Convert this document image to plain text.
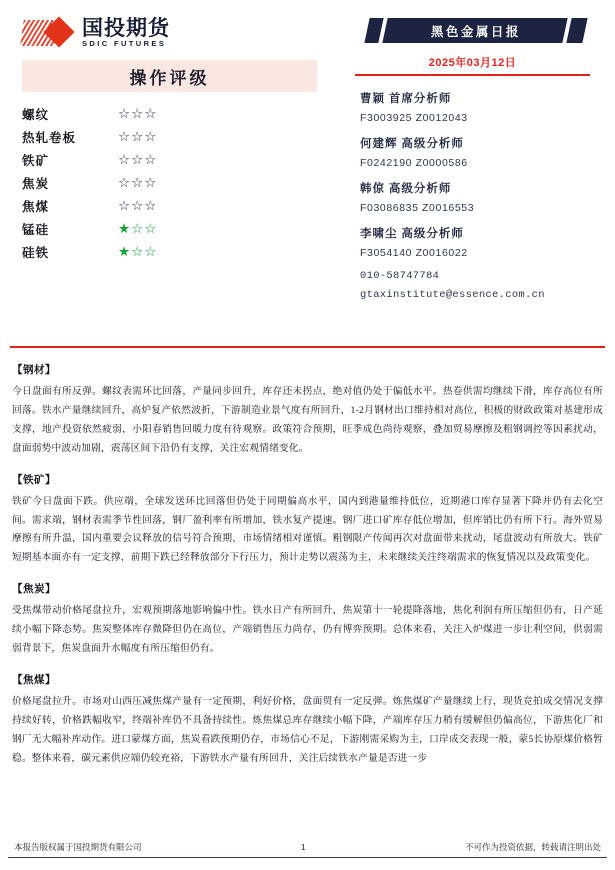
国投期货
SDIC FUTURES
操作评级
螺纹	☆☆☆
热轧卷板	☆☆☆
铁矿	☆☆☆
焦炭	☆☆☆
焦煤	☆☆☆
锰硅	★☆☆
硅铁	★☆☆
黑色金属日报
2025年03月12日
曹颖 首席分析师
F3003925 Z0012043
何建辉 高级分析师
F0242190 Z0000586
韩倞 高级分析师
F03086835 Z0016553
李啸尘 高级分析师
F3054140 Z0016022
010-58747784
gtaxinstitute@essence.com.cn
【钢材】
今日盘面有所反弹。螺纹表需环比回落，产量同步回升，库存还未拐点，绝对值仍处于偏低水平。热卷供需均继续下滑，库存高位有所回落。铁水产量继续回升，高炉复产依然波折，下游制造业景气度有所回升，1-2月钢材出口维持相对高位，积极的财政政策对基建形成支撑，地产投资依然疲弱，小阳春销售回暖力度有待观察。政策符合预期，旺季成色尚待观察，叠加贸易摩擦及粗钢调控等因素扰动，盘面弱势中波动加剧，震荡区间下沿仍有支撑，关注宏观情绪变化。
【铁矿】
铁矿今日盘面下跌。供应端，全球发送环比回落但仍处于同期偏高水平，国内到港量维持低位，近期港口库存显著下降并仍有去化空间。需求端，钢材表需季节性回落，钢厂盈利率有所增加，铁水复产提速。钢厂进口矿库存低位增加，但库销比仍有所下行。海外贸易摩擦有所升温，国内重要会议释放的信号符合预期，市场情绪相对谨慎。粗钢限产传闻再次对盘面带来扰动，尾盘波动有所放大。铁矿短期基本面亦有一定支撑，前期下跌已经释放部分下行压力，预计走势以震荡为主，未来继续关注终端需求的恢复情况以及政策变化。
【焦炭】
受焦煤带动价格尾盘拉升，宏观预期落地影响偏中性。铁水日产有所回升，焦炭第十一轮提降落地，焦化利润有所压缩但仍有，日产延续小幅下降态势。焦炭整体库存微降但仍在高位，产端销售压力尚存，仍有博弈预期。总体来看，关注入炉煤进一步让利空间，供弱需弱背景下，焦炭盘面升水幅度有所压缩但仍有。
【焦煤】
价格尾盘拉升。市场对山西压减焦煤产量有一定预期，利好价格，盘面贸有一定反弹。炼焦煤矿产量继续上行，现货竞拍成交情况支撑持续好转，价格跌幅收窄，终端补库仍不具备持续性。炼焦煤总库存继续小幅下降，产端库存压力稍有缓解但仍偏高位，下游焦化厂和钢厂无大幅补库动作。进口蒙煤方面，焦炭看跌预期仍存，市场信心不足，下游刚需采购为主，口岸成交表现一般，蒙5长协原煤价格暂稳。整体来看，碳元素供应端仍较充裕，下游铁水产量有所回升，关注后续铁水产量是否进一步
本报告版权属于国投期货有限公司	1	不可作为投资依据，转载请注明出处
